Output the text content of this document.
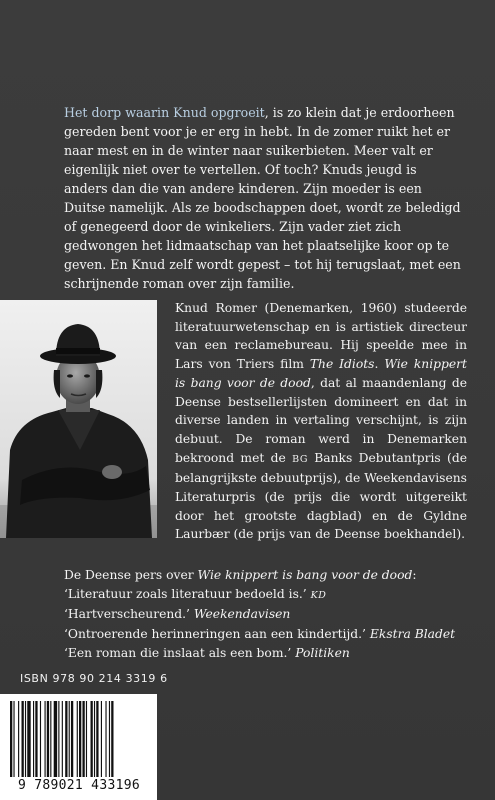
Het dorp waarin Knud opgroeit, is zo klein dat je erdoorheen gereden bent voor je er erg in hebt. In de zomer ruikt het er naar mest en in de winter naar suikerbieten. Meer valt er eigenlijk niet over te vertellen. Of toch? Knuds jeugd is anders dan die van andere kinderen. Zijn moeder is een Duitse namelijk. Als ze boodschappen doet, wordt ze beledigd of genegeerd door de winkeliers. Zijn vader ziet zich gedwongen het lidmaatschap van het plaatselijke koor op te geven. En Knud zelf wordt gepest – tot hij terugslaat, met een schrijnende roman over zijn familie.

Knud Romer (Denemarken, 1960) studeerde literatuurwetenschap en is artistiek directeur van een reclamebureau. Hij speelde mee in Lars von Triers film The Idiots. Wie knippert is bang voor de dood, dat al maandenlang de Deense bestsellerlijsten domineert en dat in diverse landen in vertaling verschijnt, is zijn debuut. De roman werd in Denemarken bekroond met de BG Banks Debutantpris (de belangrijkste debuutprijs), de Weekendavisens Literaturpris (de prijs die wordt uitgereikt door het grootste dagblad) en de Gyldne Laurbær (de prijs van de Deense boekhandel).

De Deense pers over Wie knippert is bang voor de dood:
‘Literatuur zoals literatuur bedoeld is.’ KD
‘Hartverscheurend.’ Weekendavisen
‘Ontroerende herinneringen aan een kindertijd.’ Ekstra Bladet
‘Een roman die inslaat als een bom.’ Politiken
ISBN 978 90 214 3319 6
9 789021 433196
